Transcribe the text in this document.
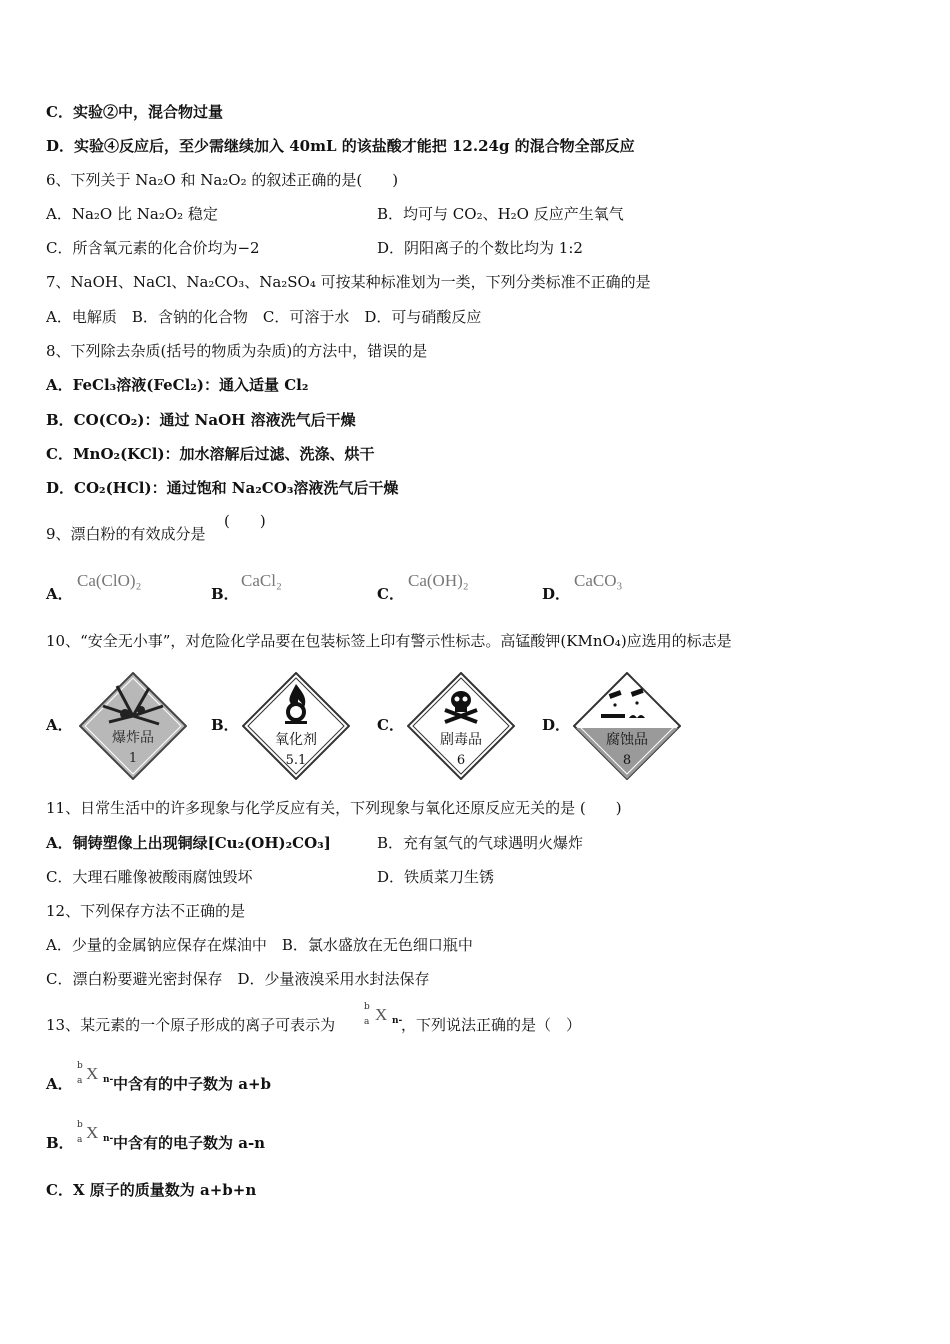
C．实验②中，混合物过量
D．实验④反应后，至少需继续加入 40mL 的该盐酸才能把 12.24g 的混合物全部反应
6、下列关于 Na₂O 和 Na₂O₂ 的叙述正确的是(　　)
A．Na₂O 比 Na₂O₂ 稳定	B．均可与 CO₂、H₂O 反应产生氧气
C．所含氧元素的化合价均为−2	D．阴阳离子的个数比均为 1:2
7、NaOH、NaCl、Na₂CO₃、Na₂SO₄ 可按某种标准划为一类，下列分类标准不正确的是
A．电解质　B．含钠的化合物　C．可溶于水　D．可与硝酸反应
8、下列除去杂质(括号的物质为杂质)的方法中，错误的是
A．FeCl₃溶液(FeCl₂)：通入适量 Cl₂
B．CO(CO₂)：通过 NaOH 溶液洗气后干燥
C．MnO₂(KCl)：加水溶解后过滤、洗涤、烘干
D．CO₂(HCl)：通过饱和 Na₂CO₃溶液洗气后干燥
9、漂白粉的有效成分是
(　　)
A．
Ca(ClO)₂
B．
CaCl₂
C．
Ca(OH)₂
D．
CaCO₃
10、“安全无小事”，对危险化学品要在包装标签上印有警示性标志。高锰酸钾(KMnO₄)应选用的标志是
A．	B．	C．	D．
爆炸品
1
氧化剂
5.1
剧毒品
6
腐蚀品
8
11、日常生活中的许多现象与化学反应有关，下列现象与氧化还原反应无关的是 (　　)
A．铜铸塑像上出现铜绿[Cu₂(OH)₂CO₃]	B．充有氢气的气球遇明火爆炸
C．大理石雕像被酸雨腐蚀毁坏	D．铁质菜刀生锈
12、下列保存方法不正确的是
A．少量的金属钠应保存在煤油中　B．氯水盛放在无色细口瓶中
C．漂白粉要避光密封保存　D．少量液溴采用水封法保存
13、某元素的一个原子形成的离子可表示为
b
a X n-
，下列说法正确的是（　）
A．
b
a X n- 中含有的中子数为 a+b
B．
b
a X n- 中含有的电子数为 a-n
C．X 原子的质量数为 a+b+n
